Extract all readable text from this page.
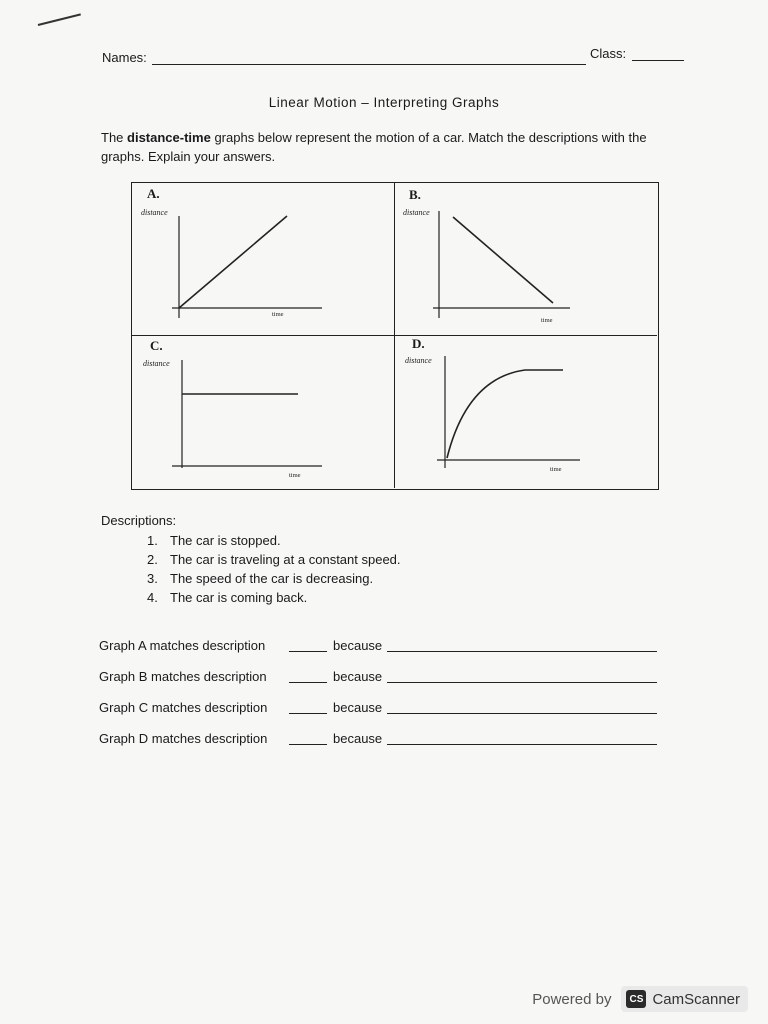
Names:	Class:
Linear Motion – Interpreting Graphs
The distance-time graphs below represent the motion of a car. Match the descriptions with the graphs. Explain your answers.
A.
distance
time
B.
distance
time
C.
distance
time
D.
distance
time
Descriptions:
1. The car is stopped.
2. The car is traveling at a constant speed.
3. The speed of the car is decreasing.
4. The car is coming back.
Graph A matches description	because
Graph B matches description	because
Graph C matches description	because
Graph D matches description	because
Powered by	CS CamScanner
